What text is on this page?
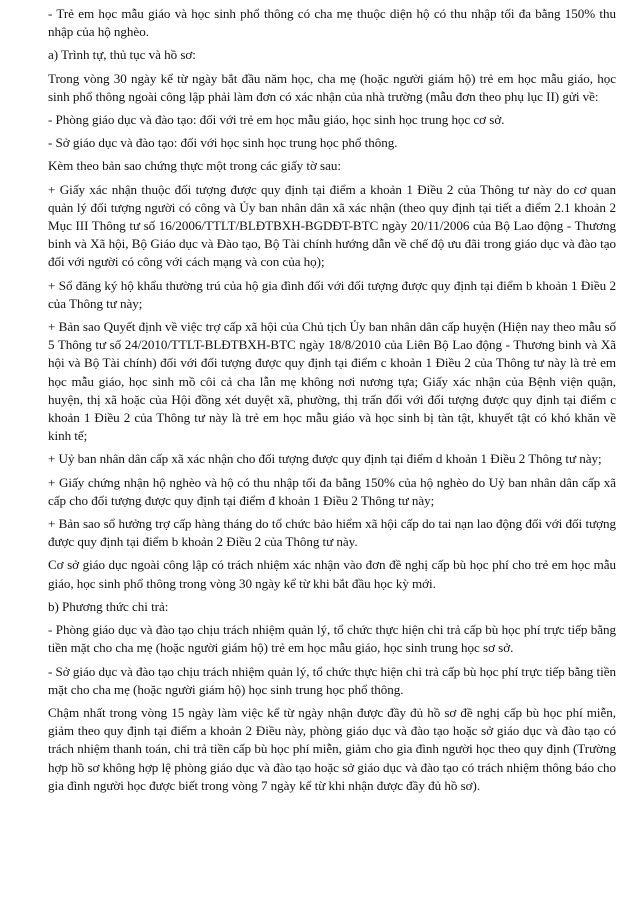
- Trẻ em học mẫu giáo và học sinh phổ thông có cha mẹ thuộc diện hộ có thu nhập tối đa bằng 150% thu nhập của hộ nghèo.

a) Trình tự, thủ tục và hồ sơ:

Trong vòng 30 ngày kể từ ngày bắt đầu năm học, cha mẹ (hoặc người giám hộ) trẻ em học mẫu giáo, học sinh phổ thông ngoài công lập phải làm đơn có xác nhận của nhà trường (mẫu đơn theo phụ lục II) gửi về:

- Phòng giáo dục và đào tạo: đối với trẻ em học mẫu giáo, học sinh học trung học cơ sở.

- Sở giáo dục và đào tạo: đối với học sinh học trung học phổ thông.

Kèm theo bản sao chứng thực một trong các giấy tờ sau:

+ Giấy xác nhận thuộc đối tượng được quy định tại điểm a khoản 1 Điều 2 của Thông tư này do cơ quan quản lý đối tượng người có công và Ủy ban nhân dân xã xác nhận (theo quy định tại tiết a điểm 2.1 khoản 2 Mục III Thông tư số 16/2006/TTLT/BLĐTBXH-BGDĐT-BTC ngày 20/11/2006 của Bộ Lao động - Thương binh và Xã hội, Bộ Giáo dục và Đào tạo, Bộ Tài chính hướng dẫn về chế độ ưu đãi trong giáo dục và đào tạo đối với người có công với cách mạng và con của họ);

+ Sổ đăng ký hộ khẩu thường trú của hộ gia đình đối với đối tượng được quy định tại điểm b khoản 1 Điều 2 của Thông tư này;

+ Bản sao Quyết định về việc trợ cấp xã hội của Chủ tịch Ủy ban nhân dân cấp huyện (Hiện nay theo mẫu số 5 Thông tư số 24/2010/TTLT-BLĐTBXH-BTC ngày 18/8/2010 của Liên Bộ Lao động - Thương binh và Xã hội và Bộ Tài chính) đối với đối tượng được quy định tại điểm c khoản 1 Điều 2 của Thông tư này là trẻ em học mẫu giáo, học sinh mồ côi cả cha lẫn mẹ không nơi nương tựa; Giấy xác nhận của Bệnh viện quận, huyện, thị xã hoặc của Hội đồng xét duyệt xã, phường, thị trấn đối với đối tượng được quy định tại điểm c khoản 1 Điều 2 của Thông tư này là trẻ em học mẫu giáo và học sinh bị tàn tật, khuyết tật có khó khăn về kinh tế;

+ Uỷ ban nhân dân cấp xã xác nhận cho đối tượng được quy định tại điểm d khoản 1 Điều 2 Thông tư này;

+ Giấy chứng nhận hộ nghèo và hộ có thu nhập tối đa bằng 150% của hộ nghèo do Uỷ ban nhân dân cấp xã cấp cho đối tượng được quy định tại điểm đ khoản 1 Điều 2 Thông tư này;

+ Bản sao sổ hưởng trợ cấp hàng tháng do tổ chức bảo hiểm xã hội cấp do tai nạn lao động đối với đối tượng được quy định tại điểm b khoản 2 Điều 2 của Thông tư này.

Cơ sở giáo dục ngoài công lập có trách nhiệm xác nhận vào đơn đề nghị cấp bù học phí cho trẻ em học mẫu giáo, học sinh phổ thông trong vòng 30 ngày kể từ khi bắt đầu học kỳ mới.

b) Phương thức chi trả:

- Phòng giáo dục và đào tạo chịu trách nhiệm quản lý, tổ chức thực hiện chi trả cấp bù học phí trực tiếp bằng tiền mặt cho cha mẹ (hoặc người giám hộ) trẻ em học mẫu giáo, học sinh trung học sơ sở.

- Sở giáo dục và đào tạo chịu trách nhiệm quản lý, tổ chức thực hiện chi trả cấp bù học phí trực tiếp bằng tiền mặt cho cha mẹ (hoặc người giám hộ) học sinh trung học phổ thông.

Chậm nhất trong vòng 15 ngày làm việc kể từ ngày nhận được đầy đủ hồ sơ đề nghị cấp bù học phí miễn, giảm theo quy định tại điểm a khoản 2 Điều này, phòng giáo dục và đào tạo hoặc sở giáo dục và đào tạo có trách nhiệm thanh toán, chi trả tiền cấp bù học phí miễn, giảm cho gia đình người học theo quy định (Trường hợp hồ sơ không hợp lệ phòng giáo dục và đào tạo hoặc sở giáo dục và đào tạo có trách nhiệm thông báo cho gia đình người học được biết trong vòng 7 ngày kể từ khi nhận được đầy đủ hồ sơ).
